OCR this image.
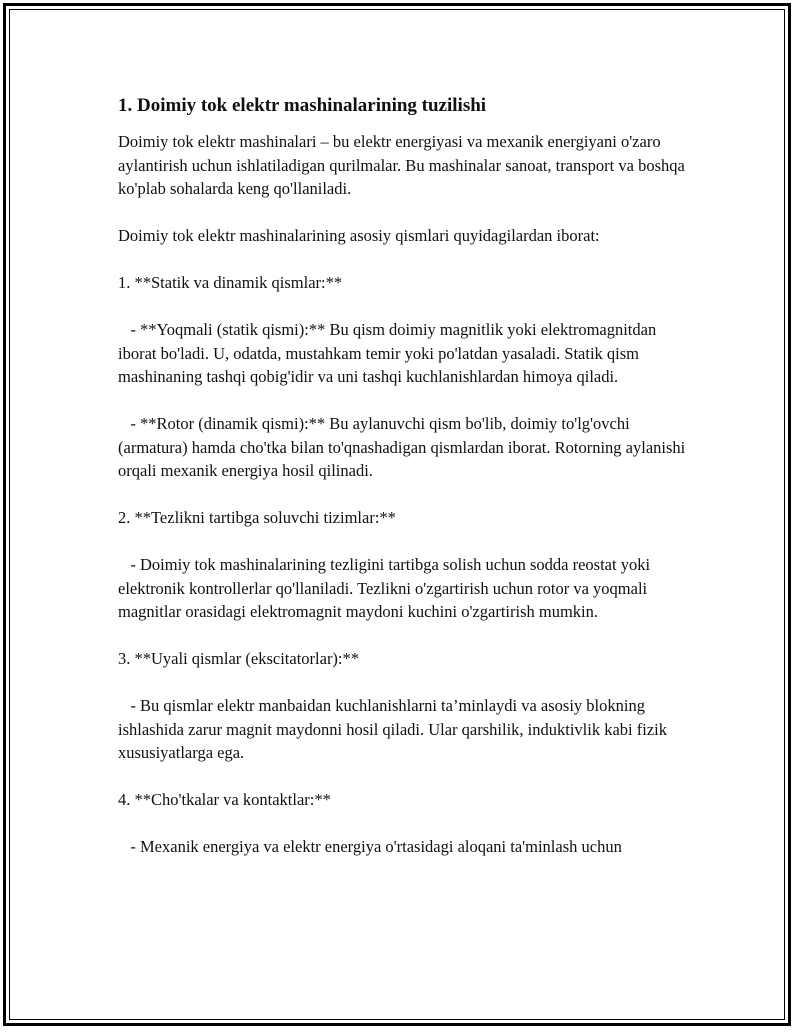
1. Doimiy tok elektr mashinalarining tuzilishi
Doimiy tok elektr mashinalari – bu elektr energiyasi va mexanik energiyani o'zaro aylantirish uchun ishlatiladigan qurilmalar. Bu mashinalar sanoat, transport va boshqa ko'plab sohalarda keng qo'llaniladi.
Doimiy tok elektr mashinalarining asosiy qismlari quyidagilardan iborat:
1. **Statik va dinamik qismlar:**
- **Yoqmali (statik qismi):** Bu qism doimiy magnitlik yoki elektromagnitdan iborat bo'ladi. U, odatda, mustahkam temir yoki po'latdan yasaladi. Statik qism mashinaning tashqi qobig'idir va uni tashqi kuchlanishlardan himoya qiladi.
- **Rotor (dinamik qismi):** Bu aylanuvchi qism bo'lib, doimiy to'lg'ovchi (armatura) hamda cho'tka bilan to'qnashadigan qismlardan iborat. Rotorning aylanishi orqali mexanik energiya hosil qilinadi.
2. **Tezlikni tartibga soluvchi tizimlar:**
- Doimiy tok mashinalarining tezligini tartibga solish uchun sodda reostat yoki elektronik kontrollerlar qo'llaniladi. Tezlikni o'zgartirish uchun rotor va yoqmali magnitlar orasidagi elektromagnit maydoni kuchini o'zgartirish mumkin.
3. **Uyali qismlar (ekscitatorlar):**
- Bu qismlar elektr manbaidan kuchlanishlarni ta’minlaydi va asosiy blokning ishlashida zarur magnit maydonni hosil qiladi. Ular qarshilik, induktivlik kabi fizik xususiyatlarga ega.
4. **Cho'tkalar va kontaktlar:**
- Mexanik energiya va elektr energiya o'rtasidagi aloqani ta'minlash uchun
